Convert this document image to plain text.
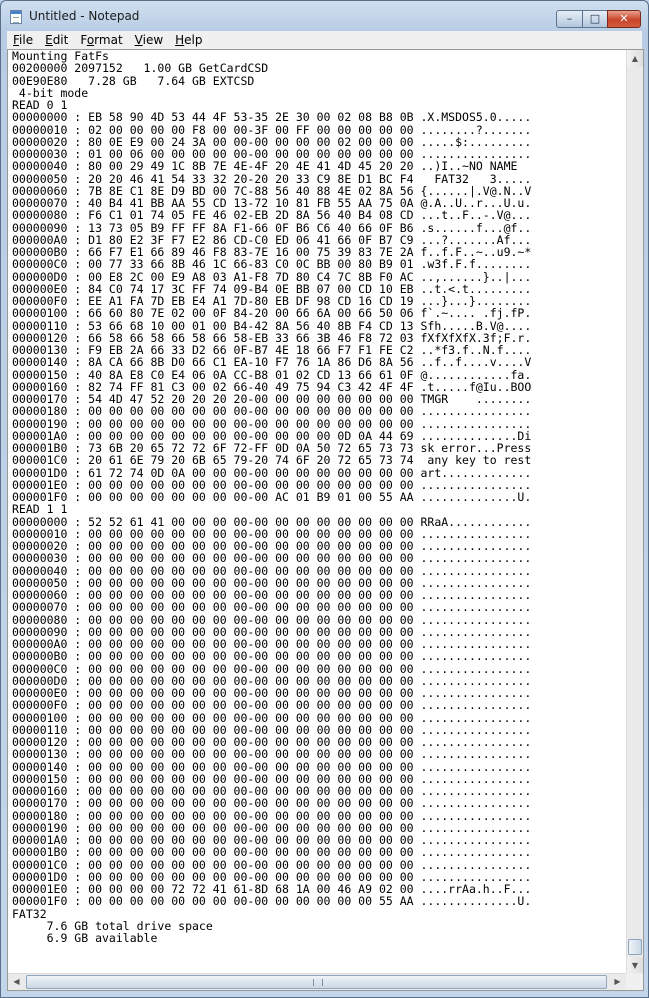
Untitled - Notepad	–	□	✕
File	Edit	Format	View	Help
Mounting FatFs
00200000 2097152   1.00 GB GetCardCSD
00E90E80   7.28 GB   7.64 GB EXTCSD
4-bit mode
READ 0 1
00000000 : EB 58 90 4D 53 44 4F 53-35 2E 30 00 02 08 B8 0B .X.MSDOS5.0.....
00000010 : 02 00 00 00 00 F8 00 00-3F 00 FF 00 00 00 00 00 ........?.......
00000020 : 80 0E E9 00 24 3A 00 00-00 00 00 00 02 00 00 00 .....$:.........
00000030 : 01 00 06 00 00 00 00 00-00 00 00 00 00 00 00 00 ................
00000040 : 80 00 29 49 1C 8B 7E 4E-4F 20 4E 41 4D 45 20 20 ..)I..~NO NAME
00000050 : 20 20 46 41 54 33 32 20-20 20 33 C9 8E D1 BC F4   FAT32   3.....
00000060 : 7B 8E C1 8E D9 BD 00 7C-88 56 40 88 4E 02 8A 56 {......|.V@.N..V
00000070 : 40 B4 41 BB AA 55 CD 13-72 10 81 FB 55 AA 75 0A @.A..U..r...U.u.
00000080 : F6 C1 01 74 05 FE 46 02-EB 2D 8A 56 40 B4 08 CD ...t..F..-.V@...
00000090 : 13 73 05 B9 FF FF 8A F1-66 0F B6 C6 40 66 0F B6 .s......f...@f..
000000A0 : D1 80 E2 3F F7 E2 86 CD-C0 ED 06 41 66 0F B7 C9 ...?.......Af...
000000B0 : 66 F7 E1 66 89 46 F8 83-7E 16 00 75 39 83 7E 2A f..f.F..~..u9.~*
000000C0 : 00 77 33 66 8B 46 1C 66-83 C0 0C BB 00 80 B9 01 .w3f.F.f........
000000D0 : 00 E8 2C 00 E9 A8 03 A1-F8 7D 80 C4 7C 8B F0 AC ..,......}..|...
000000E0 : 84 C0 74 17 3C FF 74 09-B4 0E BB 07 00 CD 10 EB ..t.<.t.........
000000F0 : EE A1 FA 7D EB E4 A1 7D-80 EB DF 98 CD 16 CD 19 ...}...}........
00000100 : 66 60 80 7E 02 00 0F 84-20 00 66 6A 00 66 50 06 f`.~.... .fj.fP.
00000110 : 53 66 68 10 00 01 00 B4-42 8A 56 40 8B F4 CD 13 Sfh.....B.V@....
00000120 : 66 58 66 58 66 58 66 58-EB 33 66 3B 46 F8 72 03 fXfXfXfX.3f;F.r.
00000130 : F9 EB 2A 66 33 D2 66 0F-B7 4E 18 66 F7 F1 FE C2 ..*f3.f..N.f....
00000140 : 8A CA 66 8B D0 66 C1 EA-10 F7 76 1A 86 D6 8A 56 ..f..f....v....V
00000150 : 40 8A E8 C0 E4 06 0A CC-B8 01 02 CD 13 66 61 0F @............fa.
00000160 : 82 74 FF 81 C3 00 02 66-40 49 75 94 C3 42 4F 4F .t.....f@Iu..BOO
00000170 : 54 4D 47 52 20 20 20 20-00 00 00 00 00 00 00 00 TMGR    ........
00000180 : 00 00 00 00 00 00 00 00-00 00 00 00 00 00 00 00 ................
00000190 : 00 00 00 00 00 00 00 00-00 00 00 00 00 00 00 00 ................
000001A0 : 00 00 00 00 00 00 00 00-00 00 00 00 0D 0A 44 69 ..............Di
000001B0 : 73 6B 20 65 72 72 6F 72-FF 0D 0A 50 72 65 73 73 sk error...Press
000001C0 : 20 61 6E 79 20 6B 65 79-20 74 6F 20 72 65 73 74  any key to rest
000001D0 : 61 72 74 0D 0A 00 00 00-00 00 00 00 00 00 00 00 art.............
000001E0 : 00 00 00 00 00 00 00 00-00 00 00 00 00 00 00 00 ................
000001F0 : 00 00 00 00 00 00 00 00-00 AC 01 B9 01 00 55 AA ..............U.
READ 1 1
00000000 : 52 52 61 41 00 00 00 00-00 00 00 00 00 00 00 00 RRaA............
00000010 : 00 00 00 00 00 00 00 00-00 00 00 00 00 00 00 00 ................
00000020 : 00 00 00 00 00 00 00 00-00 00 00 00 00 00 00 00 ................
00000030 : 00 00 00 00 00 00 00 00-00 00 00 00 00 00 00 00 ................
00000040 : 00 00 00 00 00 00 00 00-00 00 00 00 00 00 00 00 ................
00000050 : 00 00 00 00 00 00 00 00-00 00 00 00 00 00 00 00 ................
00000060 : 00 00 00 00 00 00 00 00-00 00 00 00 00 00 00 00 ................
00000070 : 00 00 00 00 00 00 00 00-00 00 00 00 00 00 00 00 ................
00000080 : 00 00 00 00 00 00 00 00-00 00 00 00 00 00 00 00 ................
00000090 : 00 00 00 00 00 00 00 00-00 00 00 00 00 00 00 00 ................
000000A0 : 00 00 00 00 00 00 00 00-00 00 00 00 00 00 00 00 ................
000000B0 : 00 00 00 00 00 00 00 00-00 00 00 00 00 00 00 00 ................
000000C0 : 00 00 00 00 00 00 00 00-00 00 00 00 00 00 00 00 ................
000000D0 : 00 00 00 00 00 00 00 00-00 00 00 00 00 00 00 00 ................
000000E0 : 00 00 00 00 00 00 00 00-00 00 00 00 00 00 00 00 ................
000000F0 : 00 00 00 00 00 00 00 00-00 00 00 00 00 00 00 00 ................
00000100 : 00 00 00 00 00 00 00 00-00 00 00 00 00 00 00 00 ................
00000110 : 00 00 00 00 00 00 00 00-00 00 00 00 00 00 00 00 ................
00000120 : 00 00 00 00 00 00 00 00-00 00 00 00 00 00 00 00 ................
00000130 : 00 00 00 00 00 00 00 00-00 00 00 00 00 00 00 00 ................
00000140 : 00 00 00 00 00 00 00 00-00 00 00 00 00 00 00 00 ................
00000150 : 00 00 00 00 00 00 00 00-00 00 00 00 00 00 00 00 ................
00000160 : 00 00 00 00 00 00 00 00-00 00 00 00 00 00 00 00 ................
00000170 : 00 00 00 00 00 00 00 00-00 00 00 00 00 00 00 00 ................
00000180 : 00 00 00 00 00 00 00 00-00 00 00 00 00 00 00 00 ................
00000190 : 00 00 00 00 00 00 00 00-00 00 00 00 00 00 00 00 ................
000001A0 : 00 00 00 00 00 00 00 00-00 00 00 00 00 00 00 00 ................
000001B0 : 00 00 00 00 00 00 00 00-00 00 00 00 00 00 00 00 ................
000001C0 : 00 00 00 00 00 00 00 00-00 00 00 00 00 00 00 00 ................
000001D0 : 00 00 00 00 00 00 00 00-00 00 00 00 00 00 00 00 ................
000001E0 : 00 00 00 00 72 72 41 61-8D 68 1A 00 46 A9 02 00 ....rrAa.h..F...
000001F0 : 00 00 00 00 00 00 00 00-00 00 00 00 00 00 55 AA ..............U.
FAT32
7.6 GB total drive space
6.9 GB available
▲
▼
◀	▶
